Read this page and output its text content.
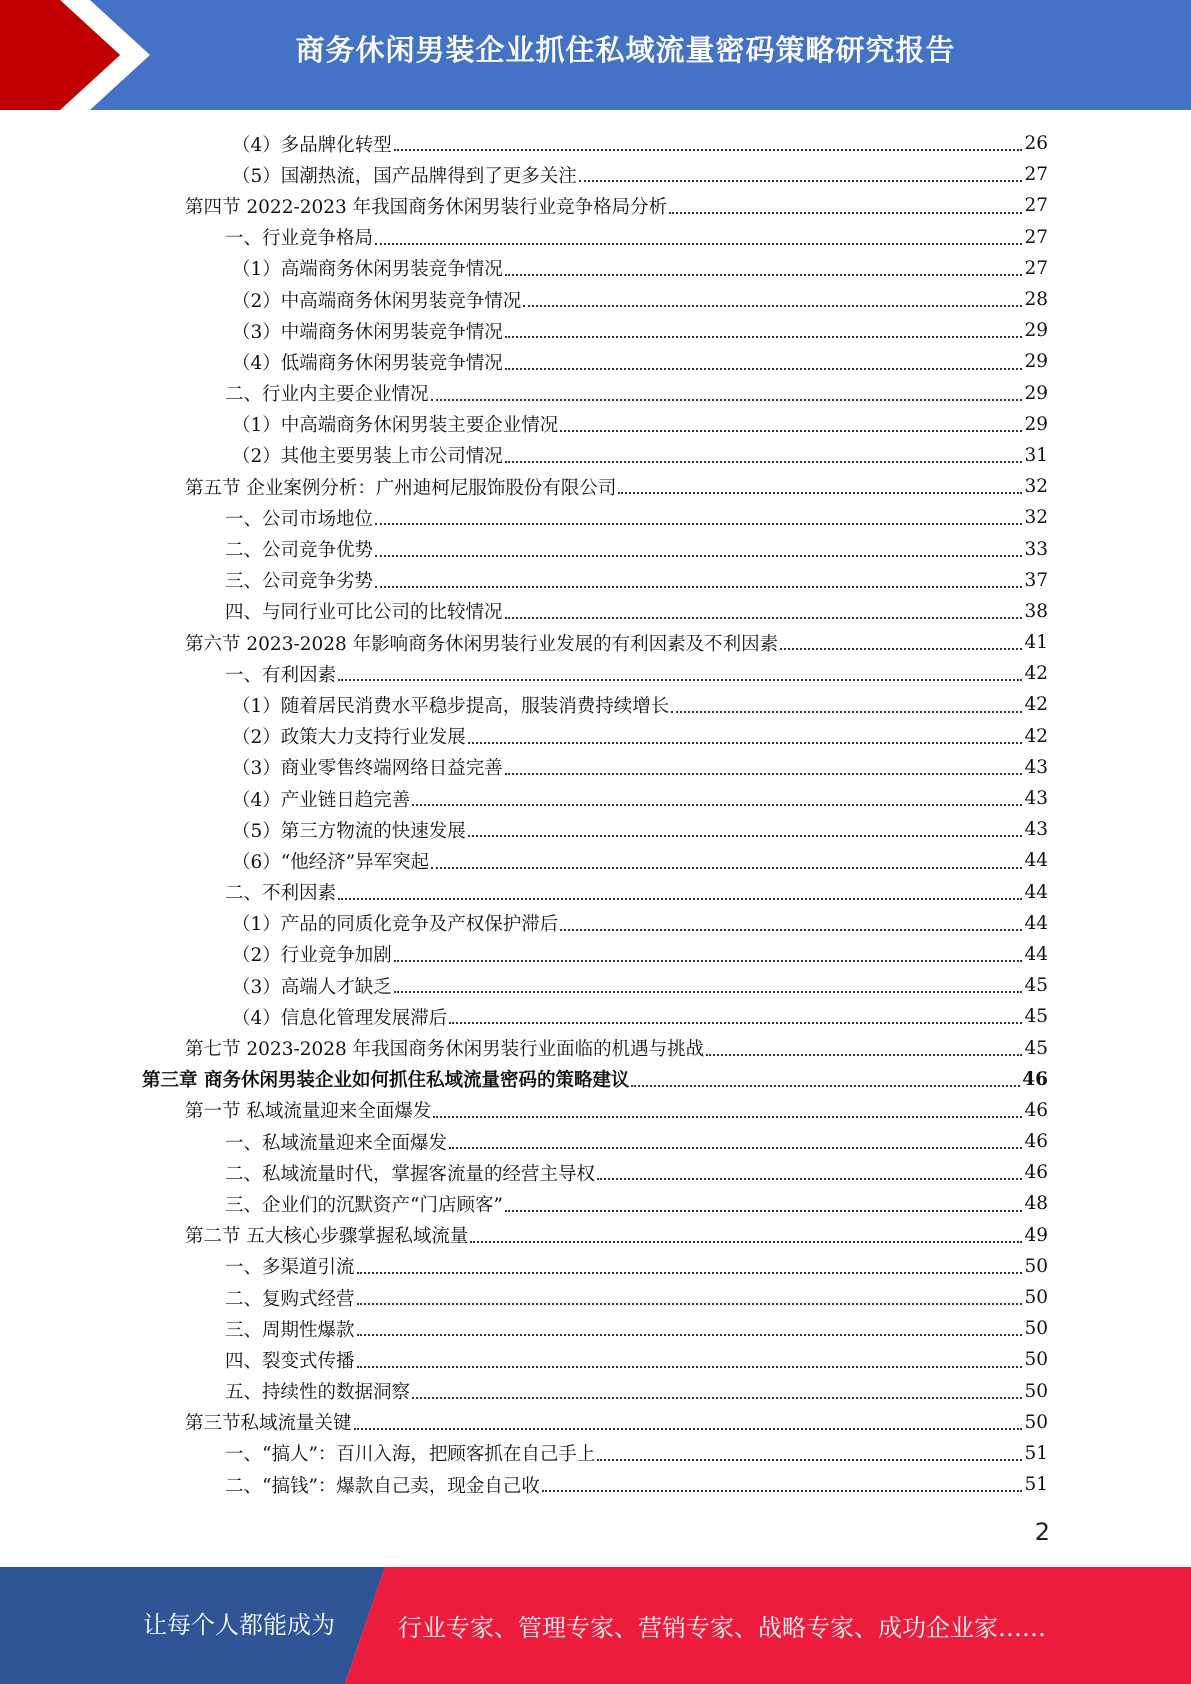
商务休闲男装企业抓住私域流量密码策略研究报告
（4）多品牌化转型	26
（5）国潮热流，国产品牌得到了更多关注	27
第四节 2022-2023 年我国商务休闲男装行业竞争格局分析	27
一、行业竞争格局	27
（1）高端商务休闲男装竞争情况	27
（2）中高端商务休闲男装竞争情况	28
（3）中端商务休闲男装竞争情况	29
（4）低端商务休闲男装竞争情况	29
二、行业内主要企业情况	29
（1）中高端商务休闲男装主要企业情况	29
（2）其他主要男装上市公司情况	31
第五节 企业案例分析：广州迪柯尼服饰股份有限公司	32
一、公司市场地位	32
二、公司竞争优势	33
三、公司竞争劣势	37
四、与同行业可比公司的比较情况	38
第六节 2023-2028 年影响商务休闲男装行业发展的有利因素及不利因素	41
一、有利因素	42
（1）随着居民消费水平稳步提高，服装消费持续增长	42
（2）政策大力支持行业发展	42
（3）商业零售终端网络日益完善	43
（4）产业链日趋完善	43
（5）第三方物流的快速发展	43
（6）“他经济”异军突起	44
二、不利因素	44
（1）产品的同质化竞争及产权保护滞后	44
（2）行业竞争加剧	44
（3）高端人才缺乏	45
（4）信息化管理发展滞后	45
第七节 2023-2028 年我国商务休闲男装行业面临的机遇与挑战	45
第三章 商务休闲男装企业如何抓住私域流量密码的策略建议	46
第一节 私域流量迎来全面爆发	46
一、私域流量迎来全面爆发	46
二、私域流量时代，掌握客流量的经营主导权	46
三、企业们的沉默资产“门店顾客”	48
第二节 五大核心步骤掌握私域流量	49
一、多渠道引流	50
二、复购式经营	50
三、周期性爆款	50
四、裂变式传播	50
五、持续性的数据洞察	50
第三节私域流量关键	50
一、“搞人”：百川入海，把顾客抓在自己手上	51
二、“搞钱”：爆款自己卖，现金自己收	51
2
让每个人都能成为	行业专家、管理专家、营销专家、战略专家、成功企业家……
